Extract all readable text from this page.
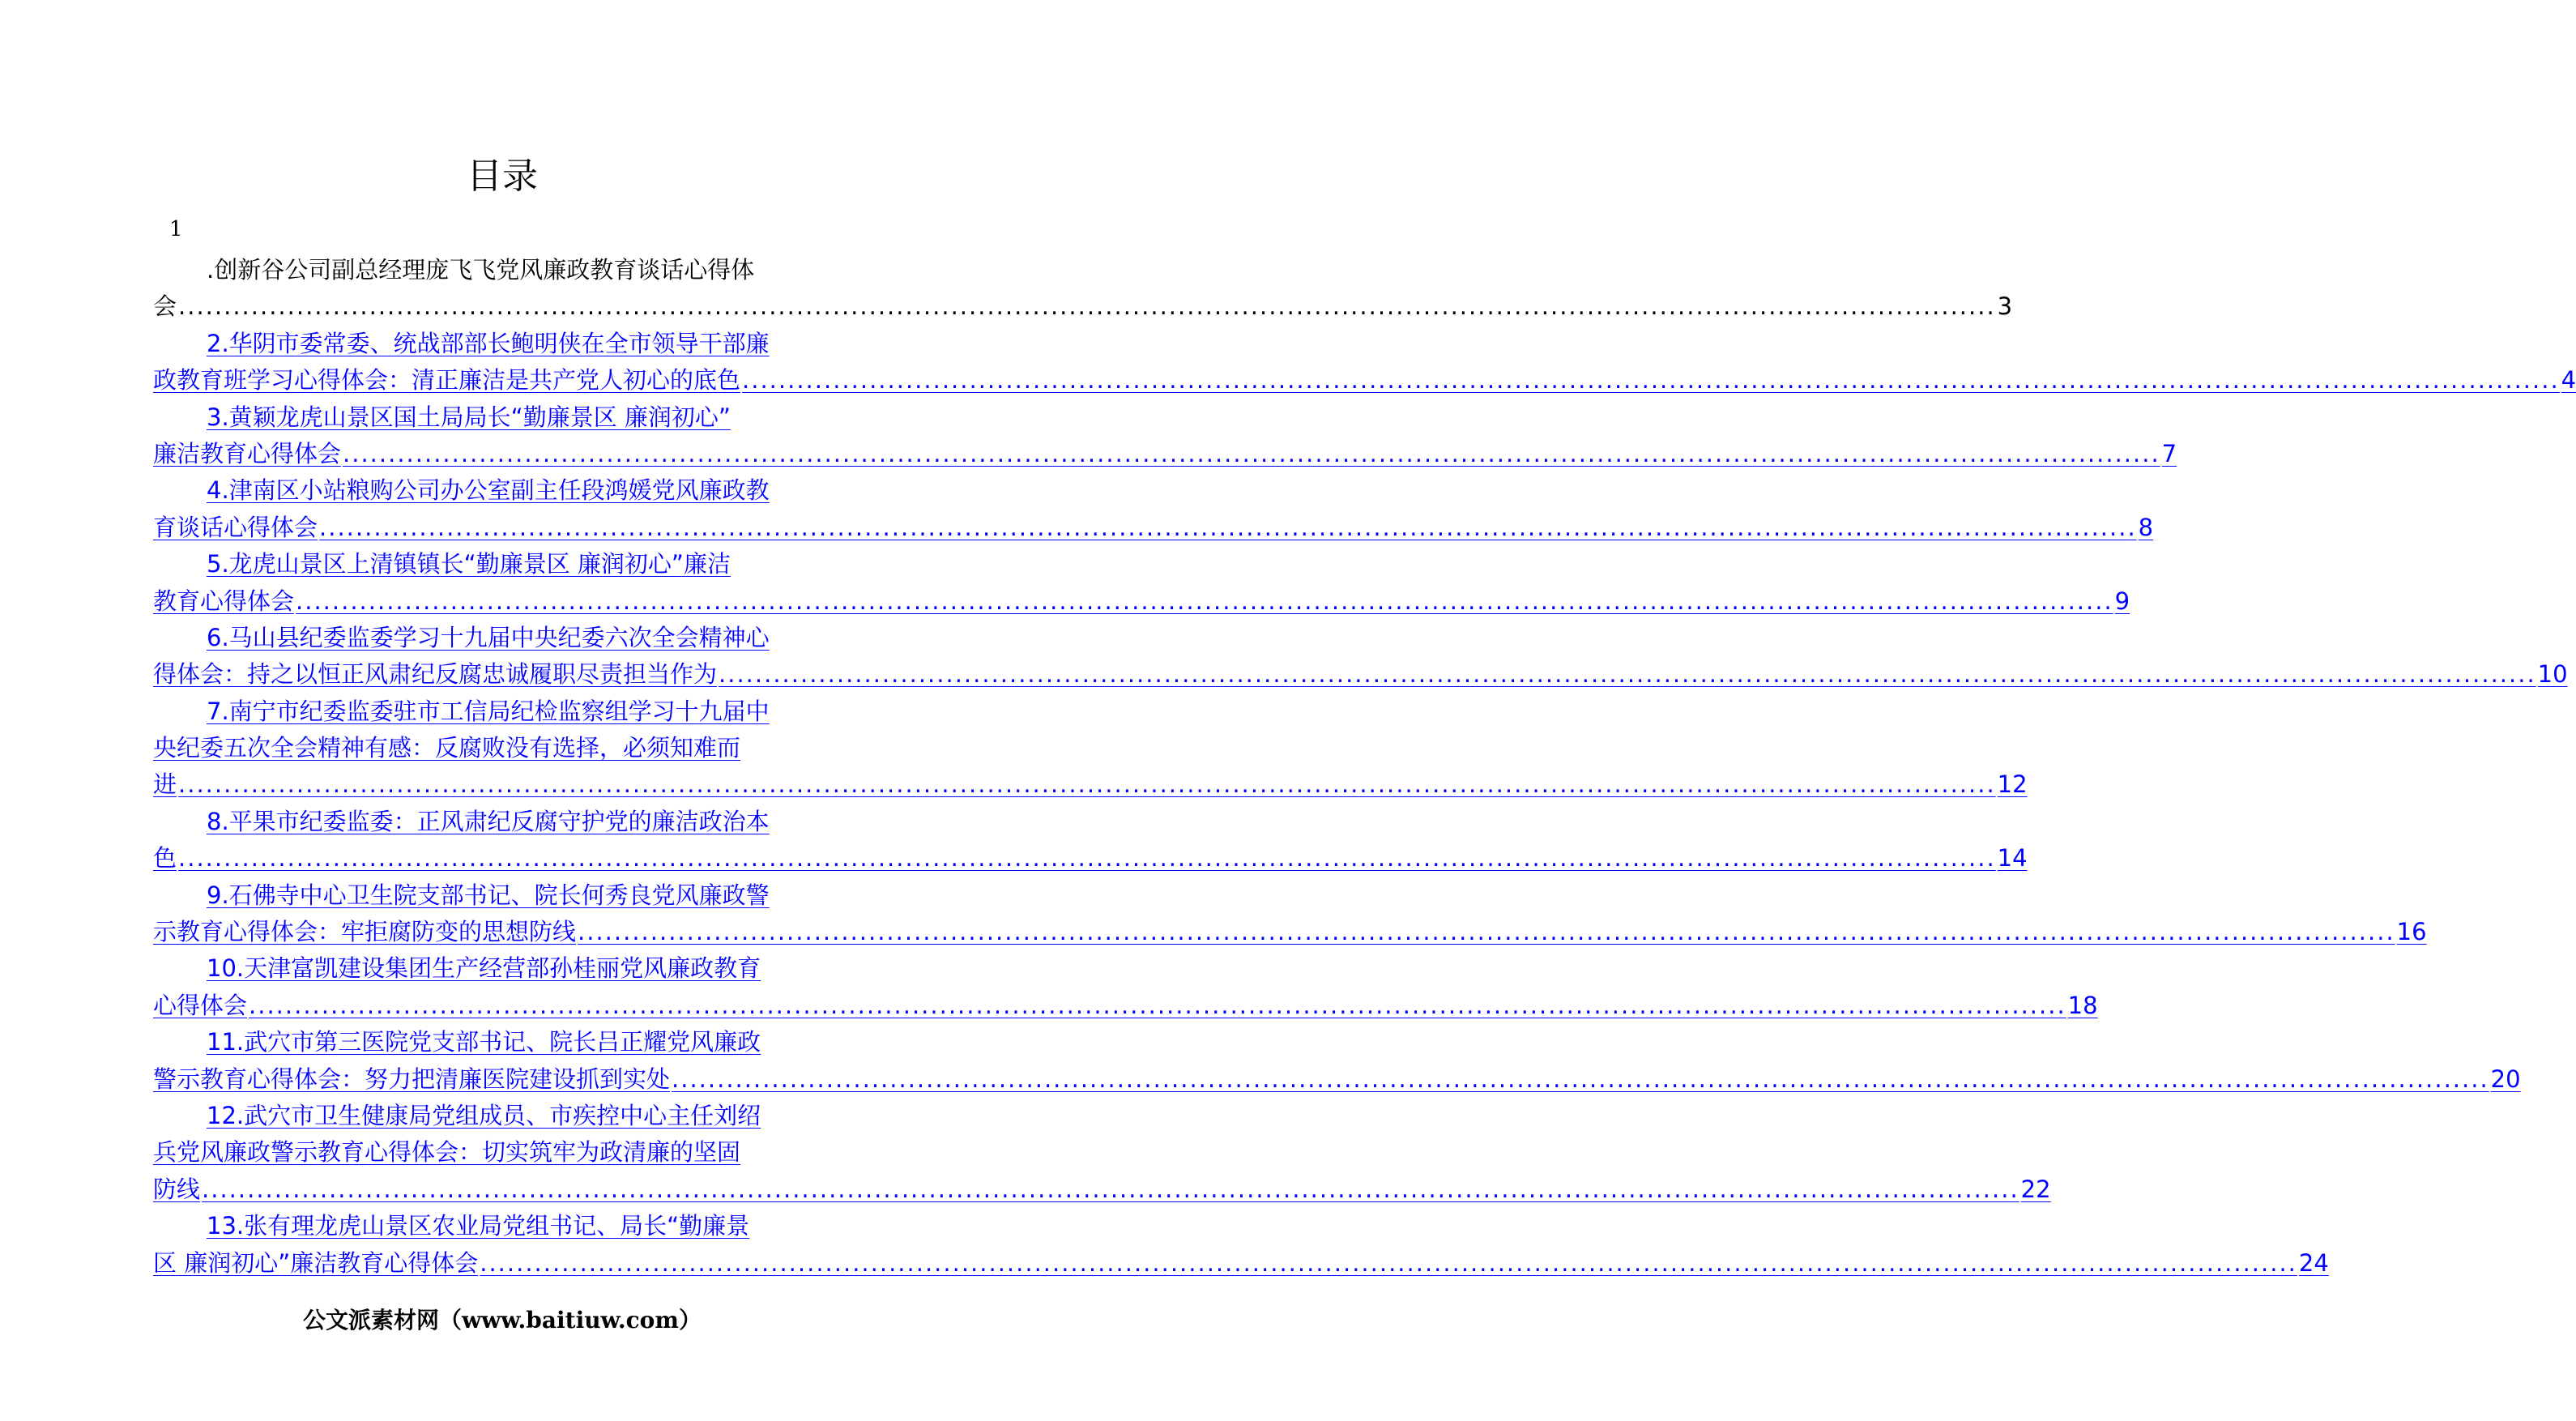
目录
1
.创新谷公司副总经理庞飞飞党风廉政教育谈话心得体
会 ........................................................................................................................................................................................................ 3
2.华阴市委常委、统战部部长鲍明侠在全市领导干部廉
政教育班学习心得体会：清正廉洁是共产党人初心的底色 ........................................................................................................................................................................................................ 4
3.黄颖龙虎山景区国土局局长“勤廉景区 廉润初心”
廉洁教育心得体会 ........................................................................................................................................................................................................ 7
4.津南区小站粮购公司办公室副主任段鸿媛党风廉政教
育谈话心得体会 ........................................................................................................................................................................................................ 8
5.龙虎山景区上清镇镇长“勤廉景区 廉润初心”廉洁
教育心得体会 ........................................................................................................................................................................................................ 9
6.马山县纪委监委学习十九届中央纪委六次全会精神心
得体会：持之以恒正风肃纪反腐忠诚履职尽责担当作为 ........................................................................................................................................................................................................ 10
7.南宁市纪委监委驻市工信局纪检监察组学习十九届中
央纪委五次全会精神有感：反腐败没有选择，必须知难而
进 ........................................................................................................................................................................................................ 12
8.平果市纪委监委：正风肃纪反腐守护党的廉洁政治本
色 ........................................................................................................................................................................................................ 14
9.石佛寺中心卫生院支部书记、院长何秀良党风廉政警
示教育心得体会：牢拒腐防变的思想防线 ........................................................................................................................................................................................................ 16
10.天津富凯建设集团生产经营部孙桂丽党风廉政教育
心得体会 ........................................................................................................................................................................................................ 18
11.武穴市第三医院党支部书记、院长吕正耀党风廉政
警示教育心得体会：努力把清廉医院建设抓到实处 ........................................................................................................................................................................................................ 20
12.武穴市卫生健康局党组成员、市疾控中心主任刘绍
兵党风廉政警示教育心得体会：切实筑牢为政清廉的坚固
防线 ........................................................................................................................................................................................................ 22
13.张有理龙虎山景区农业局党组书记、局长“勤廉景
区 廉润初心”廉洁教育心得体会 ........................................................................................................................................................................................................ 24
公文派素材网（www.baitiuw.com）
